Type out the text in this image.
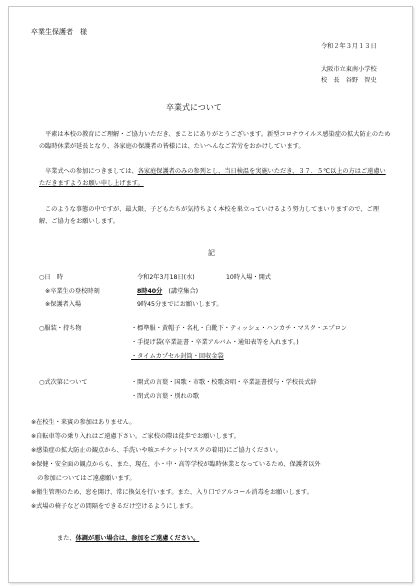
卒業生保護者　様
令和２年３月１３日
大阪市立東南小学校
校　長　谷野　智史
卒業式について
平素は本校の教育にご理解・ご協力いただき、まことにありがとうございます。新型コロナウイルス感染症の拡大防止のための臨時休業が延長となり、各家庭の保護者の皆様には、たいへんなご苦労をおかけしています。
卒業式への参加につきましては、各家庭保護者のみの参列とし、当日検温を実施いただき、３７．５℃以上の方はご遠慮いただきますようお願い申し上げます。
このような事態の中ですが、最大限、子どもたちが気持ちよく本校を巣立っていけるよう努力してまいりますので、ご理解、ご協力をお願いします。
記
○日　時	令和2年3月18日(水)	10時入場・開式
※卒業生の登校時刻	8時40分　 (講堂集合)
※保護者入場	9時45分までにお願いします。
○服装・持ち物	・標準服・黄帽子・名札・白靴下・ティッシュ・ハンカチ・マスク・エプロン
・手提げ袋(卒業証書・卒業アルバム・通知表等を入れます。)
・タイムカプセル封筒・回収金袋
○式次第について	・開式の言葉・国歌・市歌・校歌斉唱・卒業証書授与・学校長式辞
・閉式の言葉・別れの歌
※在校生・来賓の参加はありません。
※自転車等の乗り入れはご遠慮下さい。ご家校の際は徒歩でお願いします。
※感染症の拡大防止の観点から、手洗いや咳エチケット(マスクの着用)にご協力ください。
※保健・安全面の観点からも、また、現在、小・中・高等学校が臨時休業となっているため、保護者以外
　の参加についてはご遠慮願います。
※衛生管理のため、窓を開け、常に換気を行います。また、入り口でアルコール消毒をお願いします。
※式場の椅子などの間隔をできるだけ空けるようにします。
また、体調が悪い場合は、参加をご遠慮ください。
